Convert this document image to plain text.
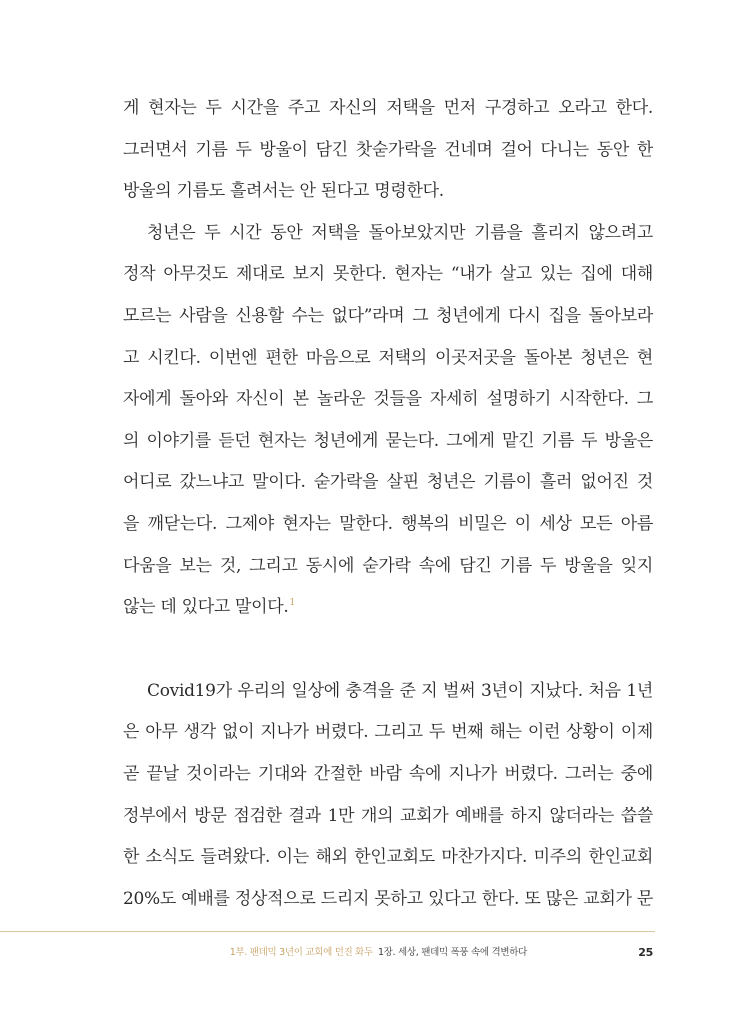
게 현자는 두 시간을 주고 자신의 저택을 먼저 구경하고 오라고 한다.
그러면서 기름 두 방울이 담긴 찻숟가락을 건네며 걸어 다니는 동안 한
방울의 기름도 흘려서는 안 된다고 명령한다.

청년은 두 시간 동안 저택을 돌아보았지만 기름을 흘리지 않으려고
정작 아무것도 제대로 보지 못한다. 현자는 “내가 살고 있는 집에 대해
모르는 사람을 신용할 수는 없다”라며 그 청년에게 다시 집을 돌아보라
고 시킨다. 이번엔 편한 마음으로 저택의 이곳저곳을 돌아본 청년은 현
자에게 돌아와 자신이 본 놀라운 것들을 자세히 설명하기 시작한다. 그
의 이야기를 듣던 현자는 청년에게 묻는다. 그에게 맡긴 기름 두 방울은
어디로 갔느냐고 말이다. 숟가락을 살핀 청년은 기름이 흘러 없어진 것
을 깨닫는다. 그제야 현자는 말한다. 행복의 비밀은 이 세상 모든 아름
다움을 보는 것, 그리고 동시에 숟가락 속에 담긴 기름 두 방울을 잊지
않는 데 있다고 말이다.$^1$

Covid19가 우리의 일상에 충격을 준 지 벌써 3년이 지났다. 처음 1년
은 아무 생각 없이 지나가 버렸다. 그리고 두 번째 해는 이런 상황이 이제
곧 끝날 것이라는 기대와 간절한 바람 속에 지나가 버렸다. 그러는 중에
정부에서 방문 점검한 결과 1만 개의 교회가 예배를 하지 않더라는 씁쓸
한 소식도 들려왔다. 이는 해외 한인교회도 마찬가지다. 미주의 한인교회
20%도 예배를 정상적으로 드리지 못하고 있다고 한다. 또 많은 교회가 문

1부. 팬데믹 3년이 교회에 던진 화두 1장. 세상, 팬데믹 폭풍 속에 격변하다	25
